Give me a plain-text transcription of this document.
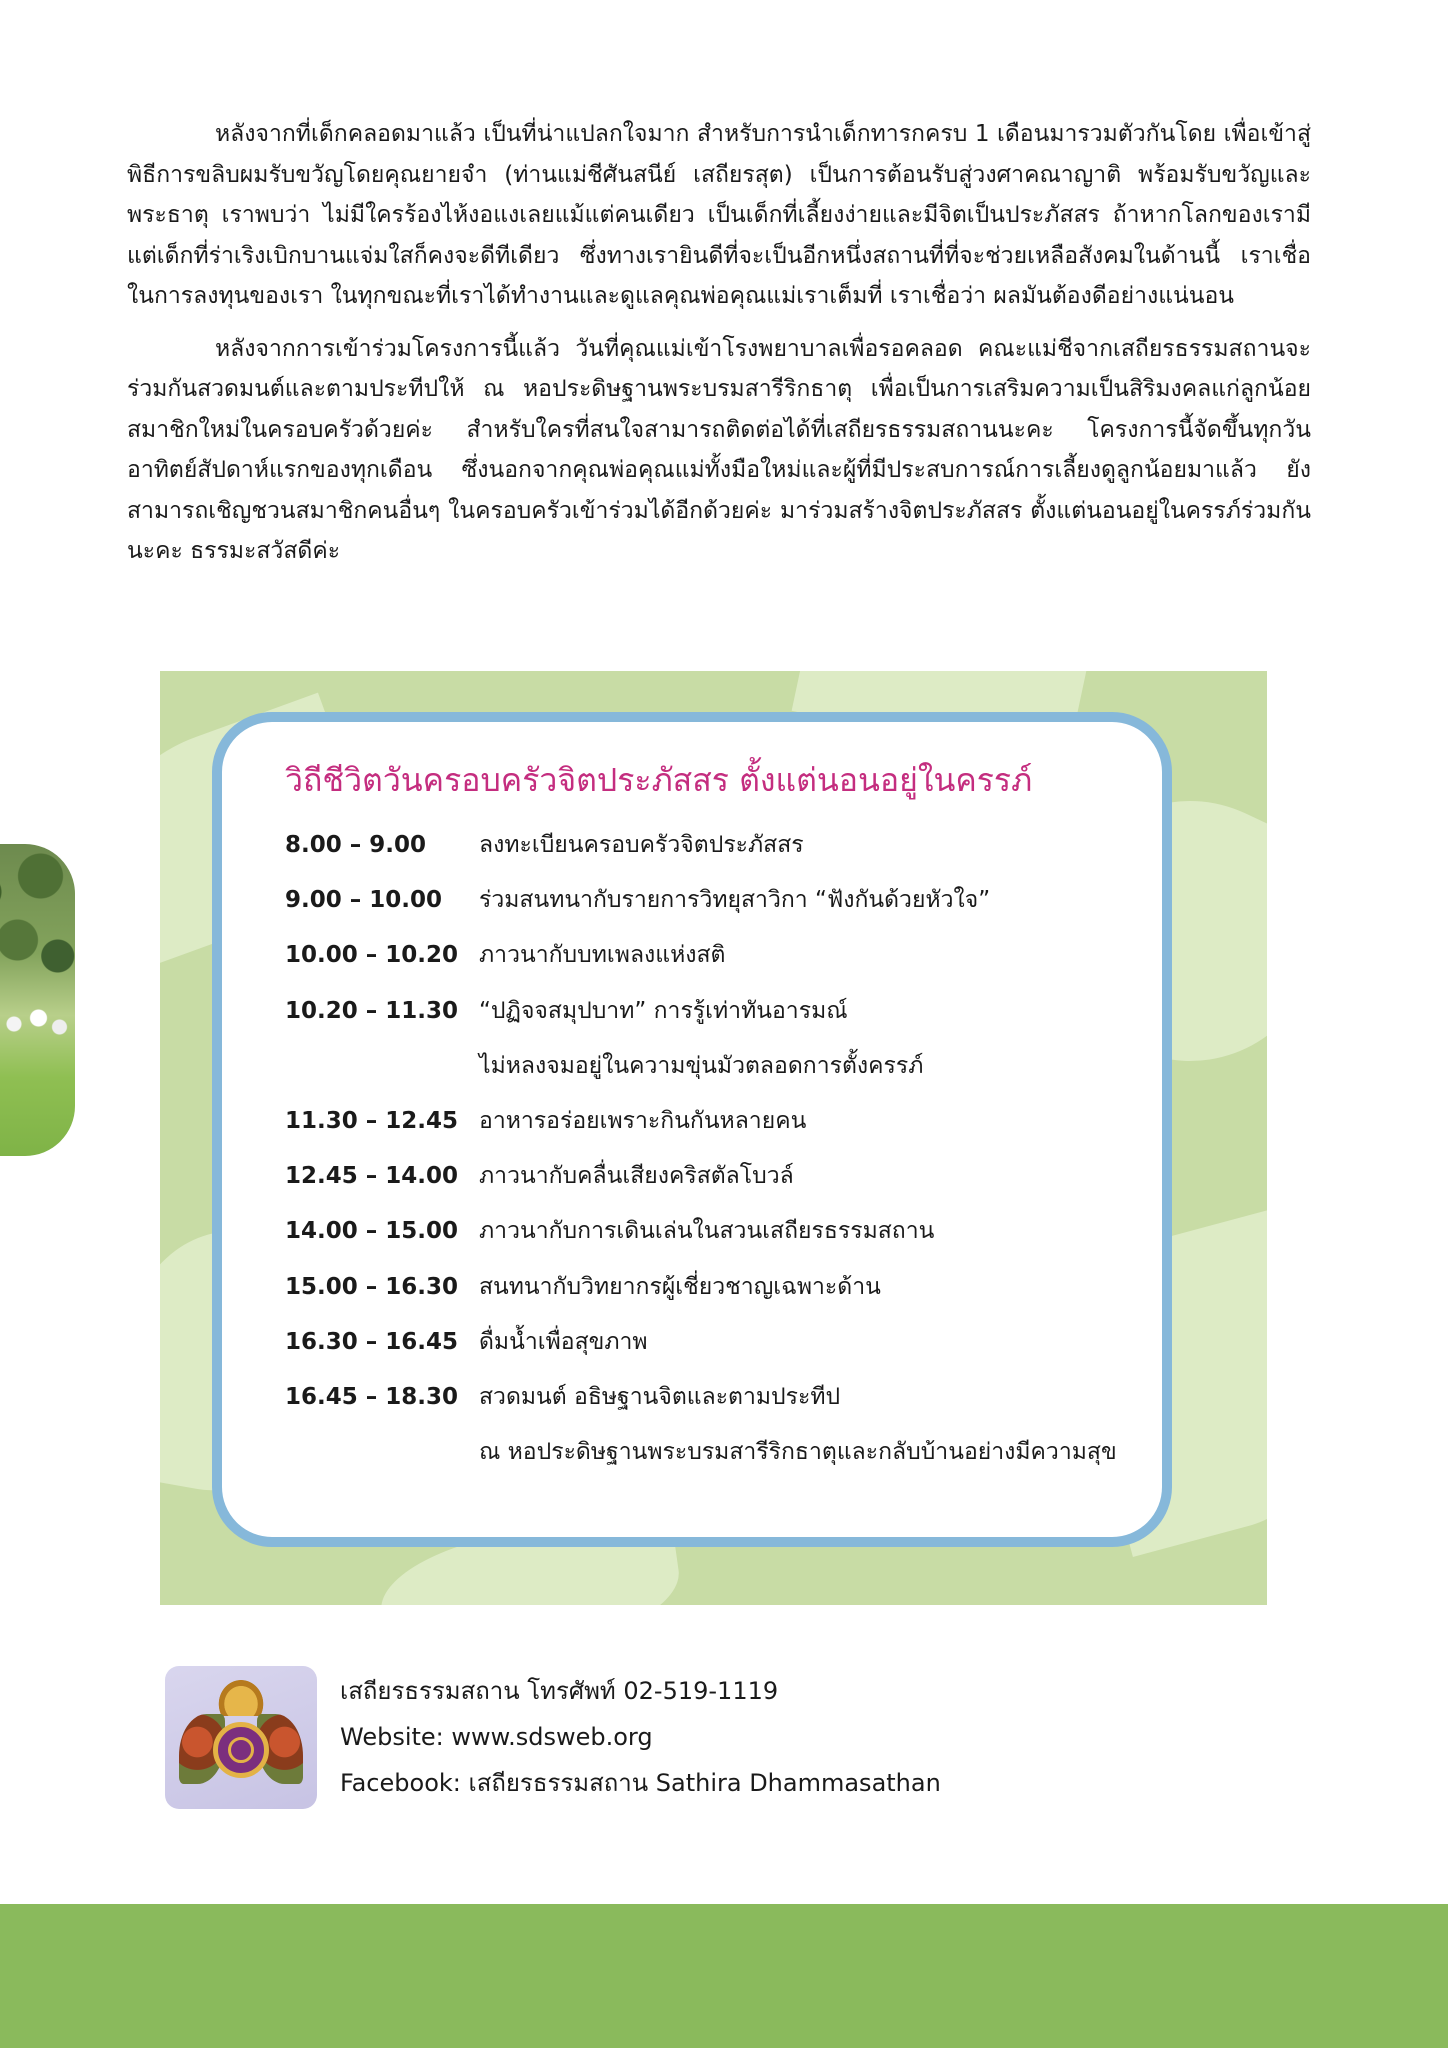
หลังจากที่เด็กคลอดมาแล้ว เป็นที่น่าแปลกใจมาก สำหรับการนำเด็กทารกครบ 1 เดือนมารวมตัวกันโดย เพื่อเข้าสู่พิธีการขลิบผมรับขวัญโดยคุณยายจำ (ท่านแม่ชีศันสนีย์ เสถียรสุต) เป็นการต้อนรับสู่วงศาคณาญาติ พร้อมรับขวัญและพระธาตุ เราพบว่า ไม่มีใครร้องไห้งอแงเลยแม้แต่คนเดียว เป็นเด็กที่เลี้ยงง่ายและมีจิตเป็นประภัสสร ถ้าหากโลกของเรามีแต่เด็กที่ร่าเริงเบิกบานแจ่มใสก็คงจะดีทีเดียว ซึ่งทางเรายินดีที่จะเป็นอีกหนึ่งสถานที่ที่จะช่วยเหลือสังคมในด้านนี้ เราเชื่อในการลงทุนของเรา ในทุกขณะที่เราได้ทำงานและดูแลคุณพ่อคุณแม่เราเต็มที่ เราเชื่อว่า ผลมันต้องดีอย่างแน่นอน

หลังจากการเข้าร่วมโครงการนี้แล้ว วันที่คุณแม่เข้าโรงพยาบาลเพื่อรอคลอด คณะแม่ชีจากเสถียรธรรมสถานจะร่วมกันสวดมนต์และตามประทีปให้ ณ หอประดิษฐานพระบรมสารีริกธาตุ เพื่อเป็นการเสริมความเป็นสิริมงคลแก่ลูกน้อยสมาชิกใหม่ในครอบครัวด้วยค่ะ สำหรับใครที่สนใจสามารถติดต่อได้ที่เสถียรธรรมสถานนะคะ โครงการนี้จัดขึ้นทุกวันอาทิตย์สัปดาห์แรกของทุกเดือน ซึ่งนอกจากคุณพ่อคุณแม่ทั้งมือใหม่และผู้ที่มีประสบการณ์การเลี้ยงดูลูกน้อยมาแล้ว ยังสามารถเชิญชวนสมาชิกคนอื่นๆ ในครอบครัวเข้าร่วมได้อีกด้วยค่ะ มาร่วมสร้างจิตประภัสสร ตั้งแต่นอนอยู่ในครรภ์ร่วมกันนะคะ ธรรมะสวัสดีค่ะ

วิถีชีวิตวันครอบครัวจิตประภัสสร ตั้งแต่นอนอยู่ในครรภ์
8.00 – 9.00	ลงทะเบียนครอบครัวจิตประภัสสร
9.00 – 10.00	ร่วมสนทนากับรายการวิทยุสาวิกา “ฟังกันด้วยหัวใจ”
10.00 – 10.20 ภาวนากับบทเพลงแห่งสติ
10.20 – 11.30 “ปฏิจจสมุปบาท” การรู้เท่าทันอารมณ์
ไม่หลงจมอยู่ในความขุ่นมัวตลอดการตั้งครรภ์
11.30 – 12.45 อาหารอร่อยเพราะกินกันหลายคน
12.45 – 14.00 ภาวนากับคลื่นเสียงคริสตัลโบวล์
14.00 – 15.00 ภาวนากับการเดินเล่นในสวนเสถียรธรรมสถาน
15.00 – 16.30 สนทนากับวิทยากรผู้เชี่ยวชาญเฉพาะด้าน
16.30 – 16.45 ดื่มน้ำเพื่อสุขภาพ
16.45 – 18.30 สวดมนต์ อธิษฐานจิตและตามประทีป
ณ หอประดิษฐานพระบรมสารีริกธาตุและกลับบ้านอย่างมีความสุข
เสถียรธรรมสถาน โทรศัพท์ 02-519-1119
Website: www.sdsweb.org
Facebook: เสถียรธรรมสถาน Sathira Dhammasathan
